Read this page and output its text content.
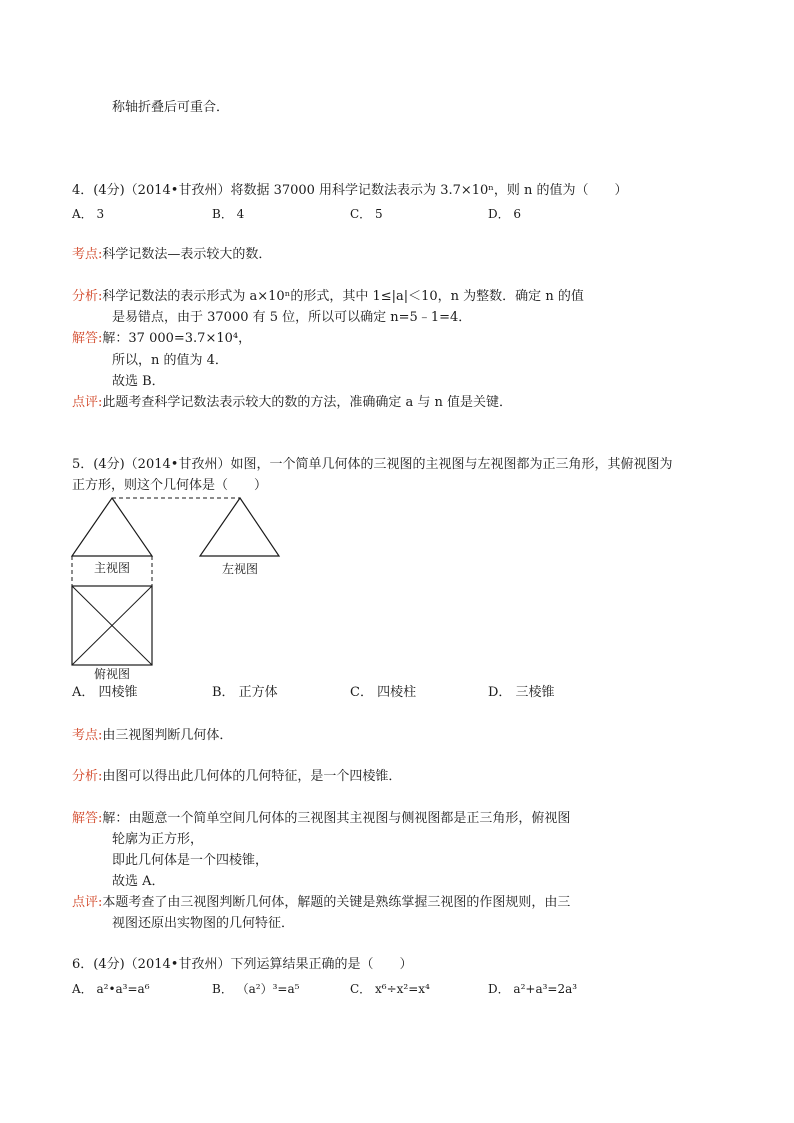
称轴折叠后可重合．
4．(4分)（2014•甘孜州）将数据 37000 用科学记数法表示为 3.7×10ⁿ，则 n 的值为（　　）
A． 3	B． 4	C． 5	D． 6
考点:科学记数法—表示较大的数．
分析:科学记数法的表示形式为 a×10ⁿ的形式，其中 1≤|a|＜10，n 为整数．确定 n 的值
是易错点，由于 37000 有 5 位，所以可以确定 n=5﹣1=4．
解答:解：37 000=3.7×10⁴，
所以，n 的值为 4．
故选 B．
点评:此题考查科学记数法表示较大的数的方法，准确确定 a 与 n 值是关键．
5．(4分)（2014•甘孜州）如图，一个简单几何体的三视图的主视图与左视图都为正三角形，其俯视图为
正方形，则这个几何体是（　　）
主视图	左视图
俯视图
A． 四棱锥	B． 正方体	C． 四棱柱	D． 三棱锥
考点:由三视图判断几何体．
分析:由图可以得出此几何体的几何特征，是一个四棱锥．
解答:解：由题意一个简单空间几何体的三视图其主视图与侧视图都是正三角形，俯视图
轮廓为正方形，
即此几何体是一个四棱锥，
故选 A．
点评:本题考查了由三视图判断几何体，解题的关键是熟练掌握三视图的作图规则，由三
视图还原出实物图的几何特征．
6．(4分)（2014•甘孜州）下列运算结果正确的是（　　）
A． a²•a³=a⁶	B． （a²）³=a⁵	C． x⁶÷x²=x⁴	D． a²+a³=2a³
